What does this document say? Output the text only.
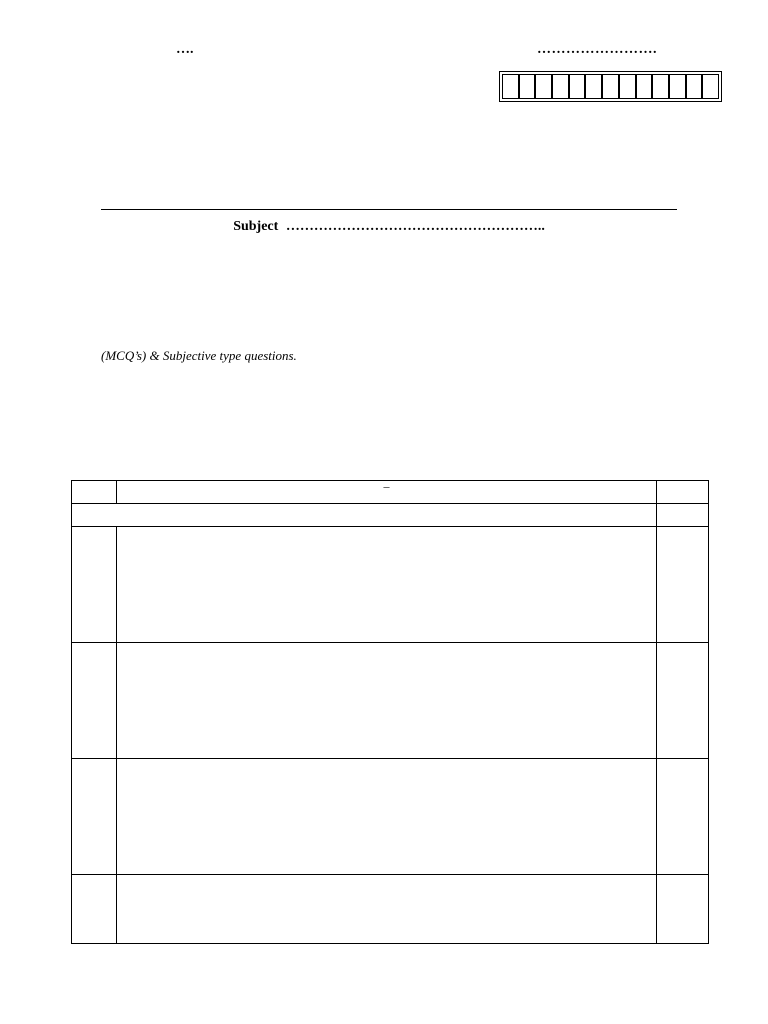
….	…………………….
Subject ………………………………………………..
(MCQ’s) & Subjective type questions.

	–	
